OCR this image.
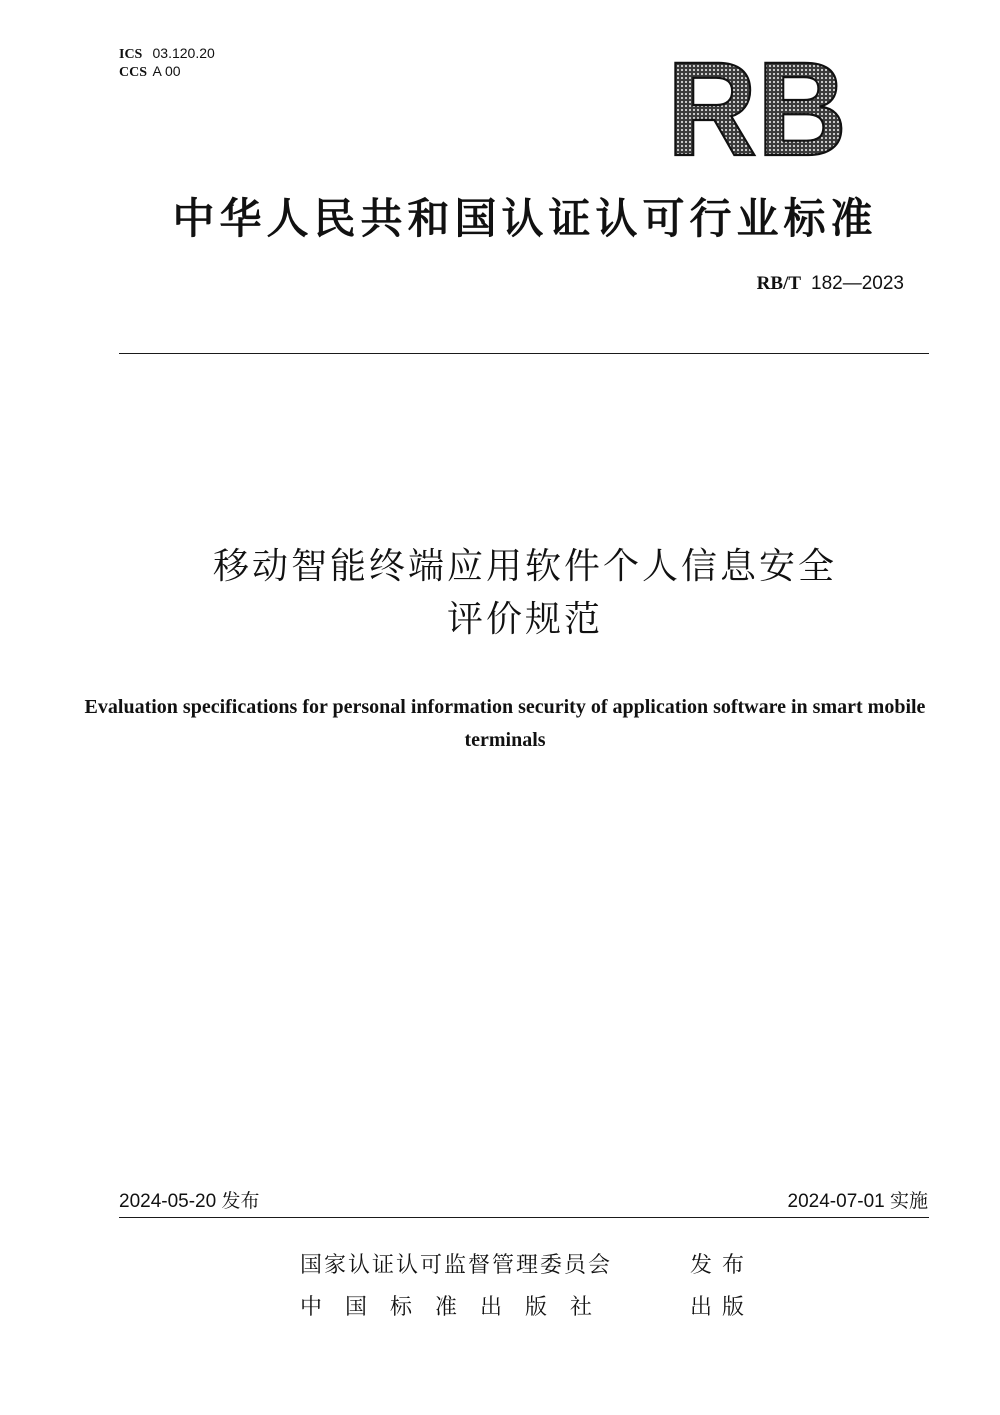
ICS 03.120.20
CCS A 00	RB
中华人民共和国认证认可行业标准
RB/T 182—2023
移动智能终端应用软件个人信息安全
评价规范
Evaluation specifications for personal information security of application software in smart mobile terminals
2024-05-20 发布	2024-07-01 实施
国家认证认可监督管理委员会	发布
中国标准出版社	出版
